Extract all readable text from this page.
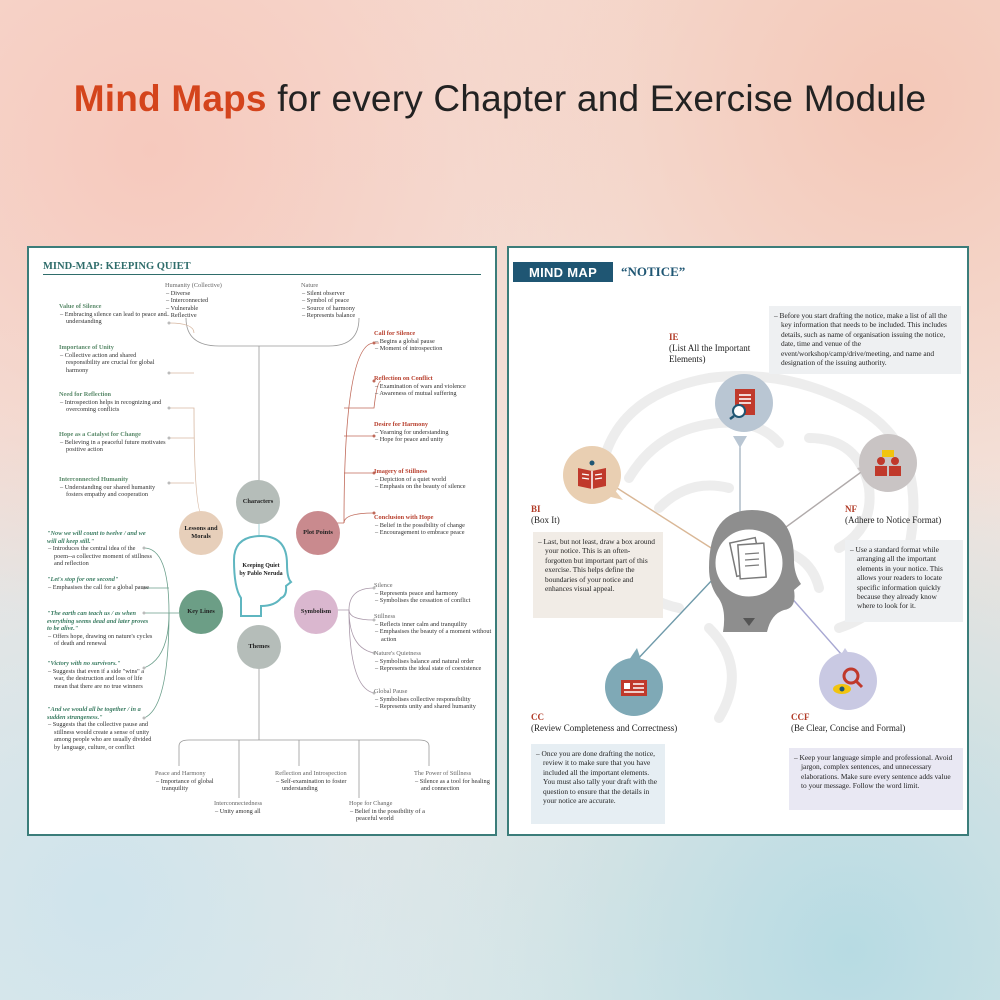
Mind Maps for every Chapter and Exercise Module
MIND-MAP: KEEPING QUIET
Humanity (Collective)
– Diverse
– Interconnected
– Vulnerable
– Reflective
Nature
– Silent observer
– Symbol of peace
– Source of harmony
– Represents balance
Value of Silence
– Embracing silence can lead to peace and understanding
Importance of Unity
– Collective action and shared responsibility are crucial for global harmony
Need for Reflection
– Introspection helps in recognizing and overcoming conflicts
Hope as a Catalyst for Change
– Believing in a peaceful future motivates positive action
Interconnected Humanity
– Understanding our shared humanity fosters empathy and cooperation
"Now we will count to twelve / and we will all keep still."
– Introduces the central idea of the poem--a collective moment of stillness and reflection
"Let's stop for one second"
– Emphasises the call for a global pause
"The earth can teach us / as when everything seems dead and later proves to be alive."
– Offers hope, drawing on nature's cycles of death and renewal
"Victory with no survivors."
– Suggests that even if a side "wins" a war, the destruction and loss of life mean that there are no true winners
"And we would all be together / in a sudden strangeness."
– Suggests that the collective pause and stillness would create a sense of unity among people who are usually divided by language, culture, or conflict
Call for Silence
– Begins a global pause
– Moment of introspection
Reflection on Conflict
– Examination of wars and violence
– Awareness of mutual suffering
Desire for Harmony
– Yearning for understanding
– Hope for peace and unity
Imagery of Stillness
– Depiction of a quiet world
– Emphasis on the beauty of silence
Conclusion with Hope
– Belief in the possibility of change
– Encouragement to embrace peace
Silence
– Represents peace and harmony
– Symbolises the cessation of conflict
Stillness
– Reflects inner calm and tranquility
– Emphasises the beauty of a moment without action
Nature's Quietness
– Symbolises balance and natural order
– Represents the ideal state of coexistence
Global Pause
– Symbolises collective responsibility
– Represents unity and shared humanity
Peace and Harmony
– Importance of global tranquility
Interconnectedness
– Unity among all
Reflection and Introspection
– Self-examination to foster understanding
Hope for Change
– Belief in the possibility of a peaceful world
The Power of Stillness
– Silence as a tool for healing and connection
Characters
Plot Points
Lessons and Morals
Symbolism
Key Lines
Themes
Keeping Quiet by Pablo Neruda
MIND MAP	“NOTICE”
IE
(List All the Important Elements)

– Before you start drafting the notice, make a list of all the key information that needs to be included. This includes details, such as name of organisation issuing the notice, date, time and venue of the event/workshop/camp/drive/meeting, and name and designation of the issuing authority.

BI
(Box It)

– Last, but not least, draw a box around your notice. This is an often-forgotten but important part of this exercise. This helps define the boundaries of your notice and enhances visual appeal.

NF
(Adhere to Notice Format)

– Use a standard format while arranging all the important elements in your notice. This allows your readers to locate specific information quickly because they already know where to look for it.

CC
(Review Completeness and Correctness)

– Once you are done drafting the notice, review it to make sure that you have included all the important elements. You must also tally your draft with the question to ensure that the details in your notice are accurate.

CCF
(Be Clear, Concise and Formal)

– Keep your language simple and professional. Avoid jargon, complex sentences, and unnecessary elaborations. Make sure every sentence adds value to your message. Follow the word limit.
